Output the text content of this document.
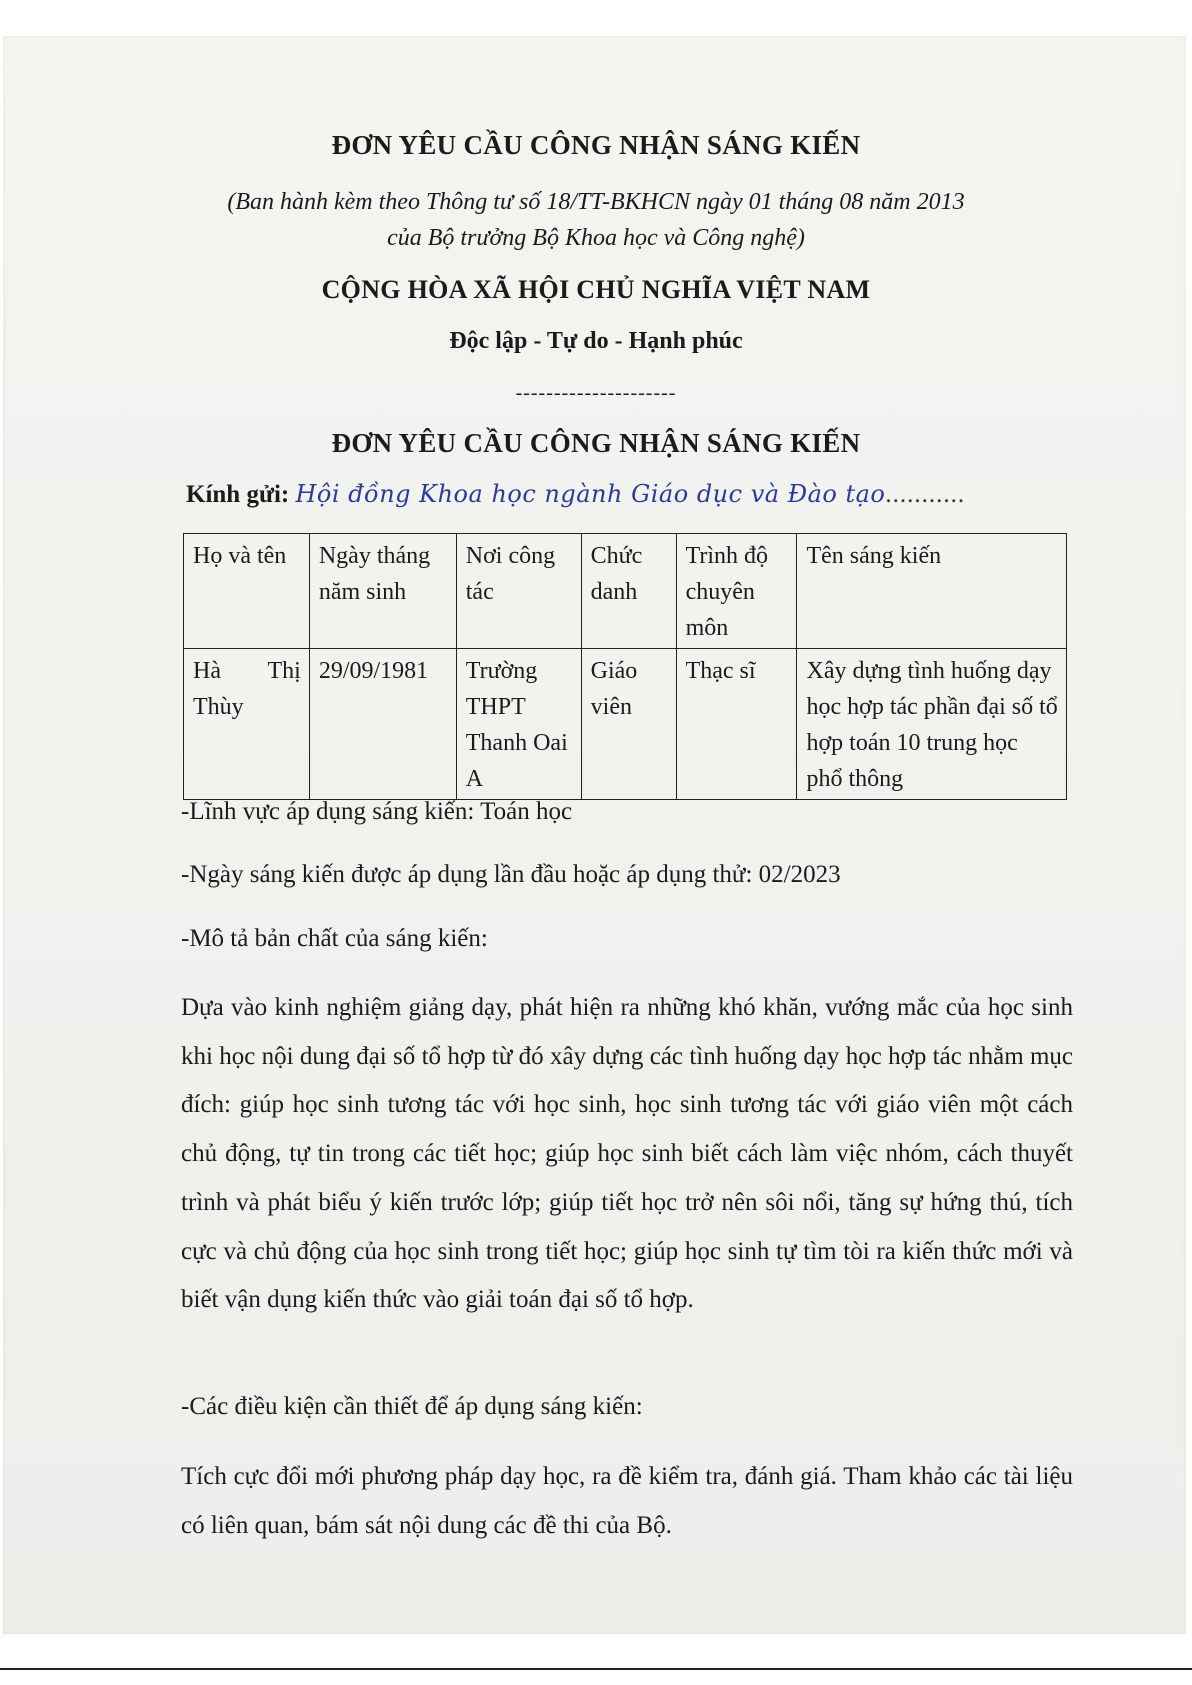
ĐƠN YÊU CẦU CÔNG NHẬN SÁNG KIẾN
(Ban hành kèm theo Thông tư số 18/TT-BKHCN ngày 01 tháng 08 năm 2013
của Bộ trưởng Bộ Khoa học và Công nghệ)
CỘNG HÒA XÃ HỘI CHỦ NGHĨA VIỆT NAM
Độc lập - Tự do - Hạnh phúc
---------------------
ĐƠN YÊU CẦU CÔNG NHẬN SÁNG KIẾN
Kính gửi: Hội đồng Khoa học ngành Giáo dục và Đào tạo...........
Họ và tên	Ngày tháng năm sinh	Nơi công tác	Chức danh	Trình độ chuyên môn	Tên sáng kiến
Hà Thị Thùy	29/09/1981	Trường THPT Thanh Oai A	Giáo viên	Thạc sĩ	Xây dựng tình huống dạy học hợp tác phần đại số tổ hợp toán 10 trung học phổ thông
-Lĩnh vực áp dụng sáng kiến: Toán học
-Ngày sáng kiến được áp dụng lần đầu hoặc áp dụng thử: 02/2023
-Mô tả bản chất của sáng kiến:
Dựa vào kinh nghiệm giảng dạy, phát hiện ra những khó khăn, vướng mắc của học sinh khi học nội dung đại số tổ hợp từ đó xây dựng các tình huống dạy học hợp tác nhằm mục đích: giúp học sinh tương tác với học sinh, học sinh tương tác với giáo viên một cách chủ động, tự tin trong các tiết học; giúp học sinh biết cách làm việc nhóm, cách thuyết trình và phát biểu ý kiến trước lớp; giúp tiết học trở nên sôi nổi, tăng sự hứng thú, tích cực và chủ động của học sinh trong tiết học; giúp học sinh tự tìm tòi ra kiến thức mới và biết vận dụng kiến thức vào giải toán đại số tổ hợp.
-Các điều kiện cần thiết để áp dụng sáng kiến:
Tích cực đổi mới phương pháp dạy học, ra đề kiểm tra, đánh giá. Tham khảo các tài liệu có liên quan, bám sát nội dung các đề thi của Bộ.
